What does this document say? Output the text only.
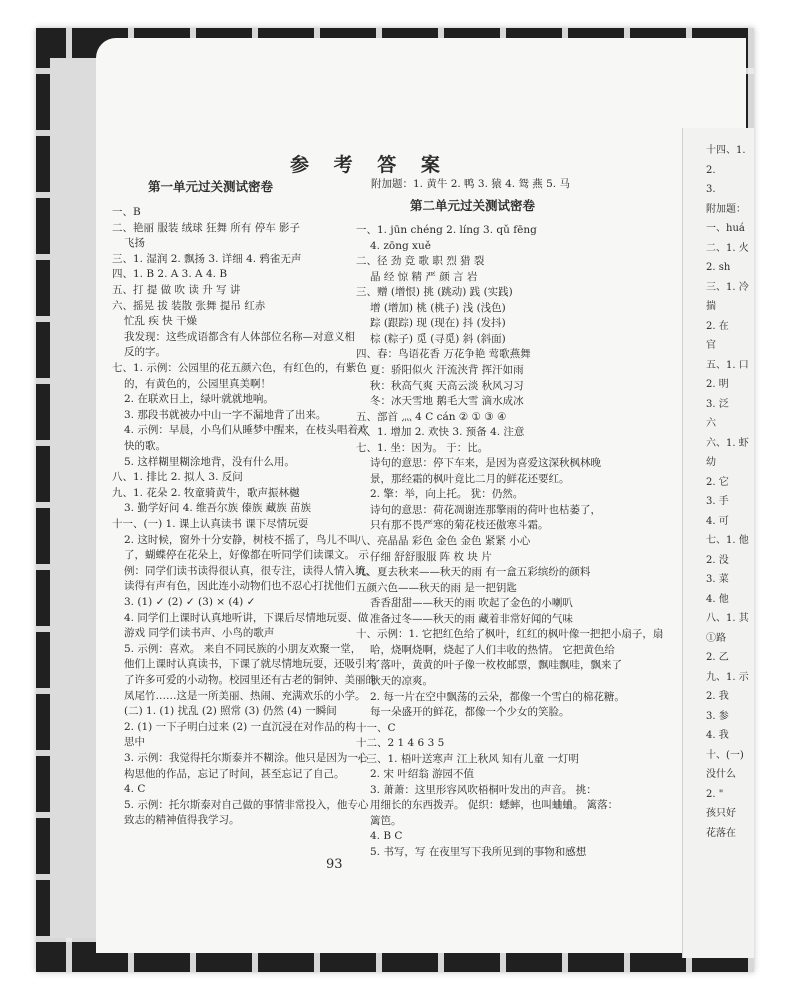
参 考 答 案
93
第一单元过关测试密卷
一、B
二、艳丽 服装 绒球 狂舞 所有 停车 影子
飞扬
三、1. 湿润 2. 飘扬 3. 详细 4. 鸦雀无声
四、1. B 2. A 3. A 4. B
五、打 提 做 吹 读 升 写 讲
六、摇晃 拔 装散 张舞 提吊 红赤
忙乱 疾 快 干燥
我发现：这些成语都含有人体部位名称—对意义相
反的字。
七、1. 示例：公园里的花五颜六色，有红色的，有紫色
的，有黄色的，公园里真美啊！
2. 在联欢日上，绿叶就就地响。
3. 那段书就被办中山一字不漏地背了出来。
4. 示例：早晨，小鸟们从睡梦中醒来，在枝头唱着欢
快的歌。
5. 这样糊里糊涂地背，没有什么用。
八、1. 排比 2. 拟人 3. 反问
九、1. 花朵 2. 牧童骑黄牛，歌声振林樾
3. 勤学好问 4. 维吾尔族 傣族 藏族 苗族
十一、(一) 1. 课上认真读书 课下尽情玩耍
2. 这时候，窗外十分安静，树枝不摇了，鸟儿不叫
了，蝴蝶停在花朵上，好像都在听同学们读课文。 示
例：同学们读书读得很认真，很专注，读得人情入境，
读得有声有色，因此连小动物们也不忍心打扰他们
3. (1) ✓ (2) ✓ (3) × (4) ✓
4. 同学们上课时认真地听讲，下课后尽情地玩耍、做
游戏 同学们读书声、小鸟的歌声
5. 示例：喜欢。 来自不同民族的小朋友欢聚一堂，
他们上课时认真读书，下课了就尽情地玩耍，还吸引来
了许多可爱的小动物。校园里还有古老的铜钟、美丽的
凤尾竹……这是一所美丽、热闹、充满欢乐的小学。
(二) 1. (1) 扰乱 (2) 照常 (3) 仍然 (4) 一瞬间
2. (1) 一下子明白过来 (2) 一直沉浸在对作品的构
思中
3. 示例：我觉得托尔斯泰并不糊涂。他只是因为一心
构思他的作品，忘记了时间，甚至忘记了自己。
4. C
5. 示例：托尔斯泰对自己做的事情非常投入，他专心
致志的精神值得我学习。
附加题：1. 黄牛 2. 鸭 3. 猿 4. 鸳 燕 5. 马
第二单元过关测试密卷
一、1. jūn chéng 2. líng 3. qǔ fēng
4. zōng xuě
二、径 劲 竞 歌 职 烈 猎 裂
晶 经 惊 精 严 颜 言 岩
三、赠 (增恨) 挑 (跳动) 践 (实践)
增 (增加) 桃 (桃子) 浅 (浅色)
踪 (跟踪) 现 (现在) 抖 (发抖)
棕 (粽子) 觅 (寻觅) 斜 (斜面)
四、春：鸟语花香 万花争艳 莺歌燕舞
夏：骄阳似火 汗流浃背 挥汗如雨
秋：秋高气爽 天高云淡 秋风习习
冬：冰天雪地 鹅毛大雪 滴水成冰
五、部首 灬 4 C cán ② ① ③ ④
六、1. 增加 2. 欢快 3. 预备 4. 注意
七、1. 坐：因为。 于：比。
诗句的意思：停下车来，是因为喜爱这深秋枫林晚
景，那经霜的枫叶竟比二月的鲜花还要红。
2. 擎：举，向上托。 犹：仍然。
诗句的意思：荷花凋谢连那擎雨的荷叶也枯萎了，
只有那不畏严寒的菊花枝还傲寒斗霜。
八、亮晶晶 彩色 金色 金色 紧紧 小心
仔细 舒舒服服 阵 枚 块 片
九、夏去秋来——秋天的雨 有一盒五彩缤纷的颜料
五颜六色——秋天的雨 是一把钥匙
香香甜甜——秋天的雨 吹起了金色的小喇叭
准备过冬——秋天的雨 藏着非常好闻的气味
十、示例：1. 它把红色给了枫叶，红红的枫叶像一把把小扇子，扇
哈，烧啊烧啊，烧起了人们丰收的热情。 它把黄色给
了落叶，黄黄的叶子像一枚枚邮票，飘哇飘哇，飘来了
秋天的凉爽。
2. 每一片在空中飘荡的云朵，都像一个雪白的棉花糖。
每一朵盛开的鲜花，都像一个少女的笑脸。
十一、C
十二、2 1 4 6 3 5
十三、1. 梧叶送寒声 江上秋风 知有儿童 一灯明
2. 宋 叶绍翁 游园不值
3. 萧萧：这里形容风吹梧桐叶发出的声音。 挑：
用细长的东西拨弄。 促织：蟋蟀，也叫蛐蛐。 篱落：
篱笆。
4. B C
5. 书写，写 在夜里写下我所见到的事物和感想
十四、1.
2.
3.
附加题：
一、huá
二、1. 火
2. sh
三、1. 冷
揣
2. 在
官
五、1. 口
2. 明
3. 泛
六
六、1. 虾
幼
2. 它
3. 手
4. 可
七、1. 他
2. 没
3. 菜
4. 他
八、1. 其
①路
2. 乙
九、1. 示
2. 我
3. 参
4. 我
十、(一)
没什么
2. "
孩只好
花落在
